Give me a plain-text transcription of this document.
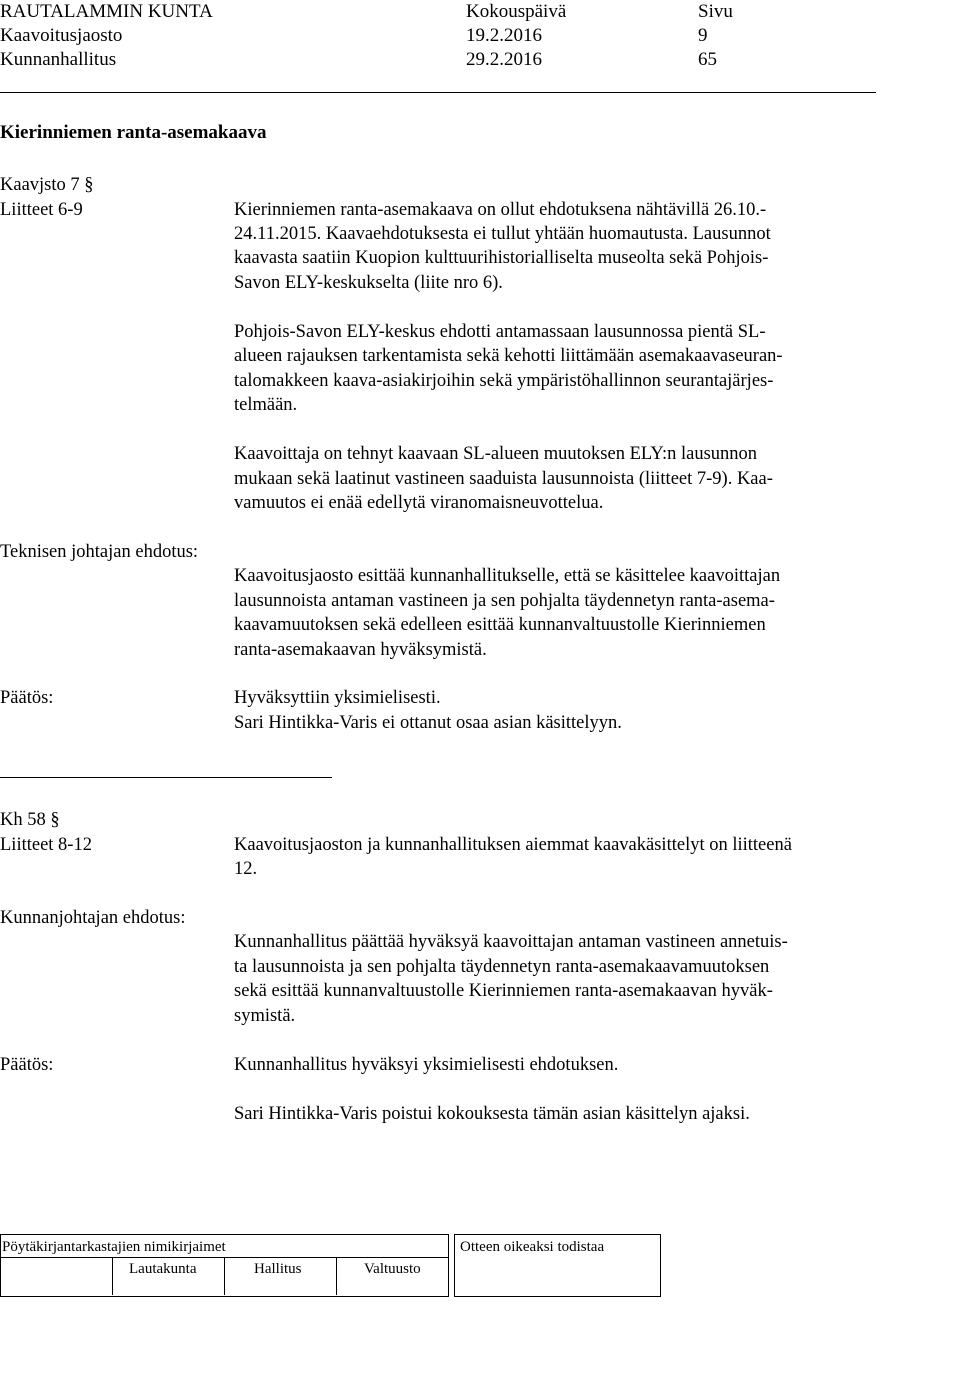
RAUTALAMMIN KUNTA	Kokouspäivä	Sivu
Kaavoitusjaosto	19.2.2016	9
Kunnanhallitus	29.2.2016	65
Kierinniemen ranta-asemakaava
Kaavjsto 7 §
Liitteet 6-9	Kierinniemen ranta-asemakaava on ollut ehdotuksena nähtävillä 26.10.-
24.11.2015. Kaavaehdotuksesta ei tullut yhtään huomautusta. Lausunnot
kaavasta saatiin Kuopion kulttuurihistorialliselta museolta sekä Pohjois-
Savon ELY-keskukselta (liite nro 6).
Pohjois-Savon ELY-keskus ehdotti antamassaan lausunnossa pientä SL-
alueen rajauksen tarkentamista sekä kehotti liittämään asemakaavaseuran-
talomakkeen kaava-asiakirjoihin sekä ympäristöhallinnon seurantajärjes-
telmään.
Kaavoittaja on tehnyt kaavaan SL-alueen muutoksen ELY:n lausunnon
mukaan sekä laatinut vastineen saaduista lausunnoista (liitteet 7-9). Kaa-
vamuutos ei enää edellytä viranomaisneuvottelua.
Teknisen johtajan ehdotus:
Kaavoitusjaosto esittää kunnanhallitukselle, että se käsittelee kaavoittajan
lausunnoista antaman vastineen ja sen pohjalta täydennetyn ranta-asema-
kaavamuutoksen sekä edelleen esittää kunnanvaltuustolle Kierinniemen
ranta-asemakaavan hyväksymistä.
Päätös:	Hyväksyttiin yksimielisesti.
Sari Hintikka-Varis ei ottanut osaa asian käsittelyyn.
Kh 58 §
Liitteet 8-12	Kaavoitusjaoston ja kunnanhallituksen aiemmat kaavakäsittelyt on liitteenä
12.
Kunnanjohtajan ehdotus:
Kunnanhallitus päättää hyväksyä kaavoittajan antaman vastineen annetuis-
ta lausunnoista ja sen pohjalta täydennetyn ranta-asemakaavamuutoksen
sekä esittää kunnanvaltuustolle Kierinniemen ranta-asemakaavan hyväk-
symistä.
Päätös:	Kunnanhallitus hyväksyi yksimielisesti ehdotuksen.
Sari Hintikka-Varis poistui kokouksesta tämän asian käsittelyn ajaksi.
Pöytäkirjantarkastajien nimikirjaimet	Otteen oikeaksi todistaa
Lautakunta	Hallitus	Valtuusto
